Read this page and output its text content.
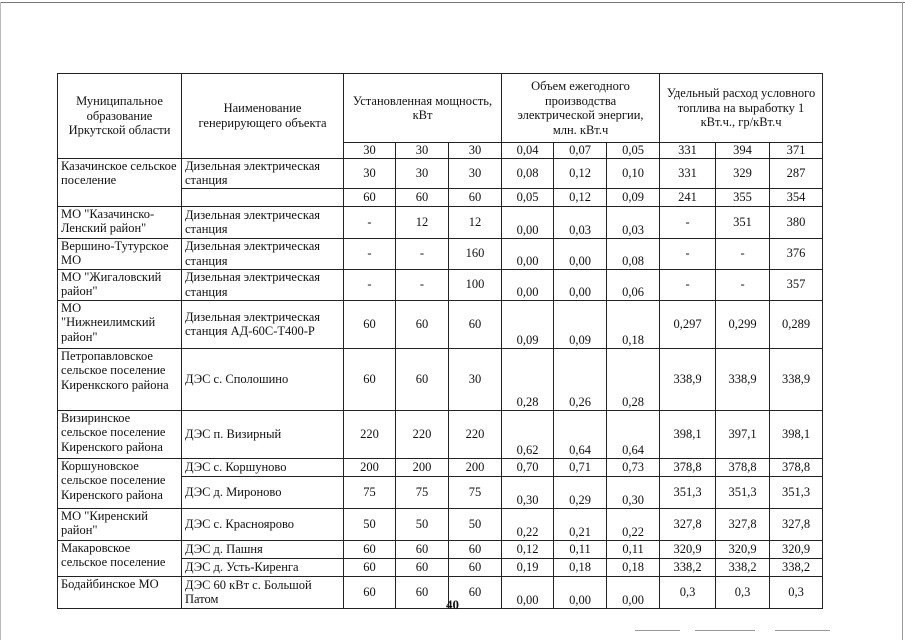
Муниципальное образование Иркутской области	Наименование генерирующего объекта	Установленная мощность, кВт			Объем ежегодного производства электрической энергии, млн. кВт.ч			Удельный расход условного топлива на выработку 1 кВт.ч., гр/кВт.ч		
		30	30	30	0,04	0,07	0,05	331	394	371
Казачинское сельское поселение	Дизельная электрическая станция	30	30	30	0,08	0,12	0,10	331	329	287
		60	60	60	0,05	0,12	0,09	241	355	354
МО "Казачинско-Ленский район"	Дизельная электрическая станция	-	12	12	0,00	0,03	0,03	-	351	380
Вершино-Тутурское МО	Дизельная электрическая станция	-	-	160	0,00	0,00	0,08	-	-	376
МО "Жигаловский район"	Дизельная электрическая станция	-	-	100	0,00	0,00	0,06	-	-	357
МО "Нижнеилимский район"	Дизельная электрическая станция АД-60С-Т400-Р	60	60	60	0,09	0,09	0,18	0,297	0,299	0,289
Петропавловское сельское поселение Киренкского района	ДЭС с. Сполошино	60	60	30	0,28	0,26	0,28	338,9	338,9	338,9
Визиринское сельское поселение Киренского района	ДЭС п. Визирный	220	220	220	0,62	0,64	0,64	398,1	397,1	398,1
Коршуновское сельское поселение Киренского района	ДЭС с. Коршуново	200	200	200	0,70	0,71	0,73	378,8	378,8	378,8
	ДЭС д. Мироново	75	75	75	0,30	0,29	0,30	351,3	351,3	351,3
МО "Киренский район"	ДЭС с. Красноярово	50	50	50	0,22	0,21	0,22	327,8	327,8	327,8
Макаровское сельское поселение	ДЭС д. Пашня	60	60	60	0,12	0,11	0,11	320,9	320,9	320,9
	ДЭС д. Усть-Киренга	60	60	60	0,19	0,18	0,18	338,2	338,2	338,2
Бодайбинское МО	ДЭС 60 кВт с. Большой Патом	60	60	60	0,00	0,00	0,00	0,3	0,3	0,3
40
